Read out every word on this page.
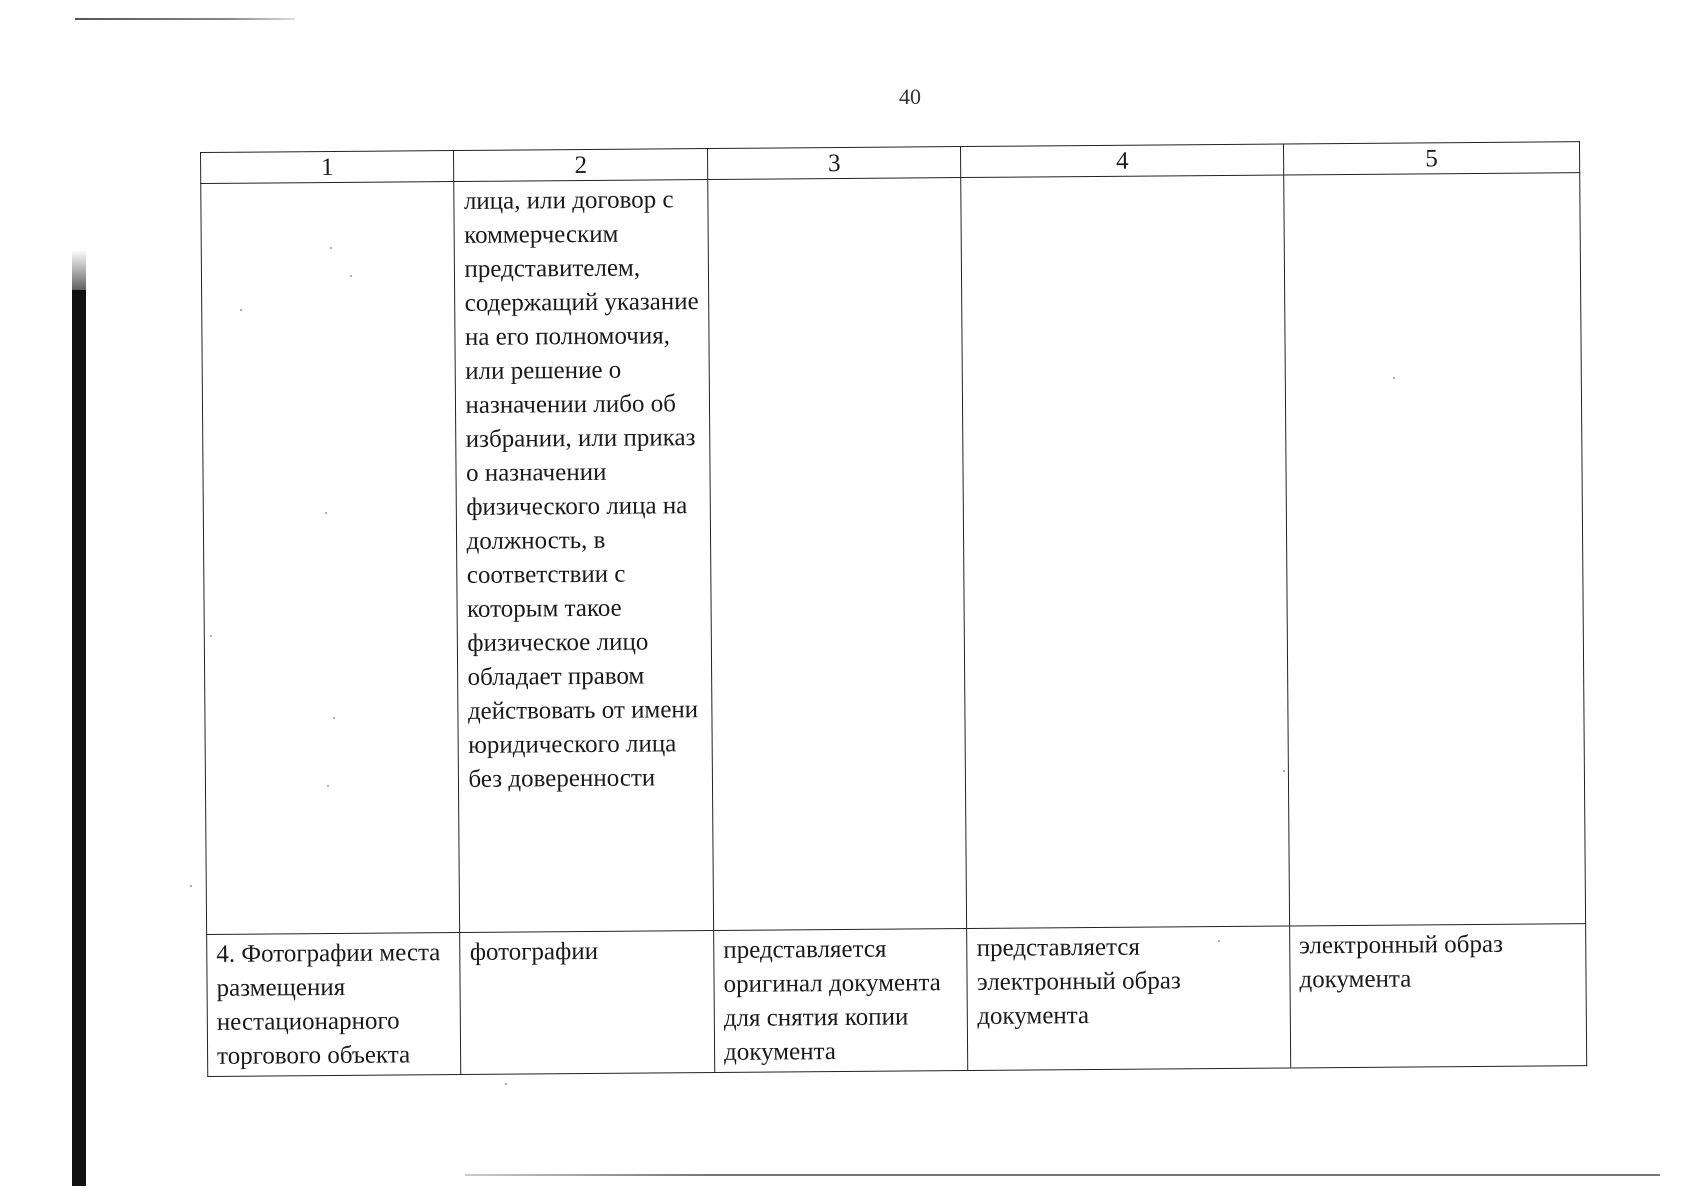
40
1	2	3	4	5
	лица, или договор с коммерческим представителем, содержащий указание на его полномочия, или решение о назначении либо об избрании, или приказ о назначении физического лица на должность, в соответствии с которым такое физическое лицо обладает правом действовать от имени юридического лица без доверенности			
4. Фотографии места размещения нестационарного торгового объекта	фотографии	представляется оригинал документа для снятия копии документа	представляется электронный образ документа	электронный образ документа
